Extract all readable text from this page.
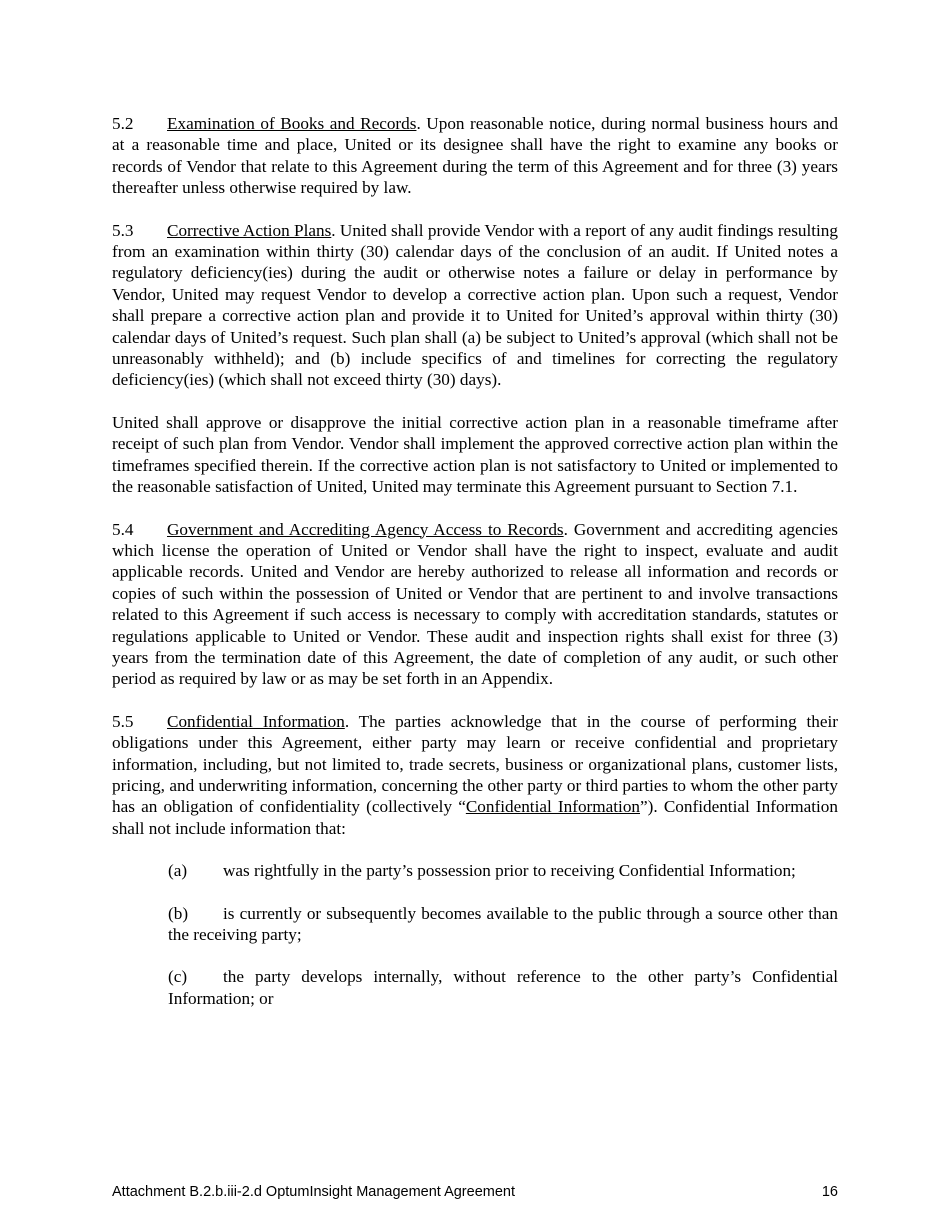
5.2 Examination of Books and Records. Upon reasonable notice, during normal business hours and at a reasonable time and place, United or its designee shall have the right to examine any books or records of Vendor that relate to this Agreement during the term of this Agreement and for three (3) years thereafter unless otherwise required by law.

5.3 Corrective Action Plans. United shall provide Vendor with a report of any audit findings resulting from an examination within thirty (30) calendar days of the conclusion of an audit. If United notes a regulatory deficiency(ies) during the audit or otherwise notes a failure or delay in performance by Vendor, United may request Vendor to develop a corrective action plan. Upon such a request, Vendor shall prepare a corrective action plan and provide it to United for United’s approval within thirty (30) calendar days of United’s request. Such plan shall (a) be subject to United’s approval (which shall not be unreasonably withheld); and (b) include specifics of and timelines for correcting the regulatory deficiency(ies) (which shall not exceed thirty (30) days).

United shall approve or disapprove the initial corrective action plan in a reasonable timeframe after receipt of such plan from Vendor. Vendor shall implement the approved corrective action plan within the timeframes specified therein. If the corrective action plan is not satisfactory to United or implemented to the reasonable satisfaction of United, United may terminate this Agreement pursuant to Section 7.1.

5.4 Government and Accrediting Agency Access to Records. Government and accrediting agencies which license the operation of United or Vendor shall have the right to inspect, evaluate and audit applicable records. United and Vendor are hereby authorized to release all information and records or copies of such within the possession of United or Vendor that are pertinent to and involve transactions related to this Agreement if such access is necessary to comply with accreditation standards, statutes or regulations applicable to United or Vendor. These audit and inspection rights shall exist for three (3) years from the termination date of this Agreement, the date of completion of any audit, or such other period as required by law or as may be set forth in an Appendix.

5.5 Confidential Information. The parties acknowledge that in the course of performing their obligations under this Agreement, either party may learn or receive confidential and proprietary information, including, but not limited to, trade secrets, business or organizational plans, customer lists, pricing, and underwriting information, concerning the other party or third parties to whom the other party has an obligation of confidentiality (collectively “Confidential Information”). Confidential Information shall not include information that:

(a) was rightfully in the party’s possession prior to receiving Confidential Information;

(b) is currently or subsequently becomes available to the public through a source other than the receiving party;

(c) the party develops internally, without reference to the other party’s Confidential Information; or

Attachment B.2.b.iii-2.d OptumInsight Management Agreement	16
